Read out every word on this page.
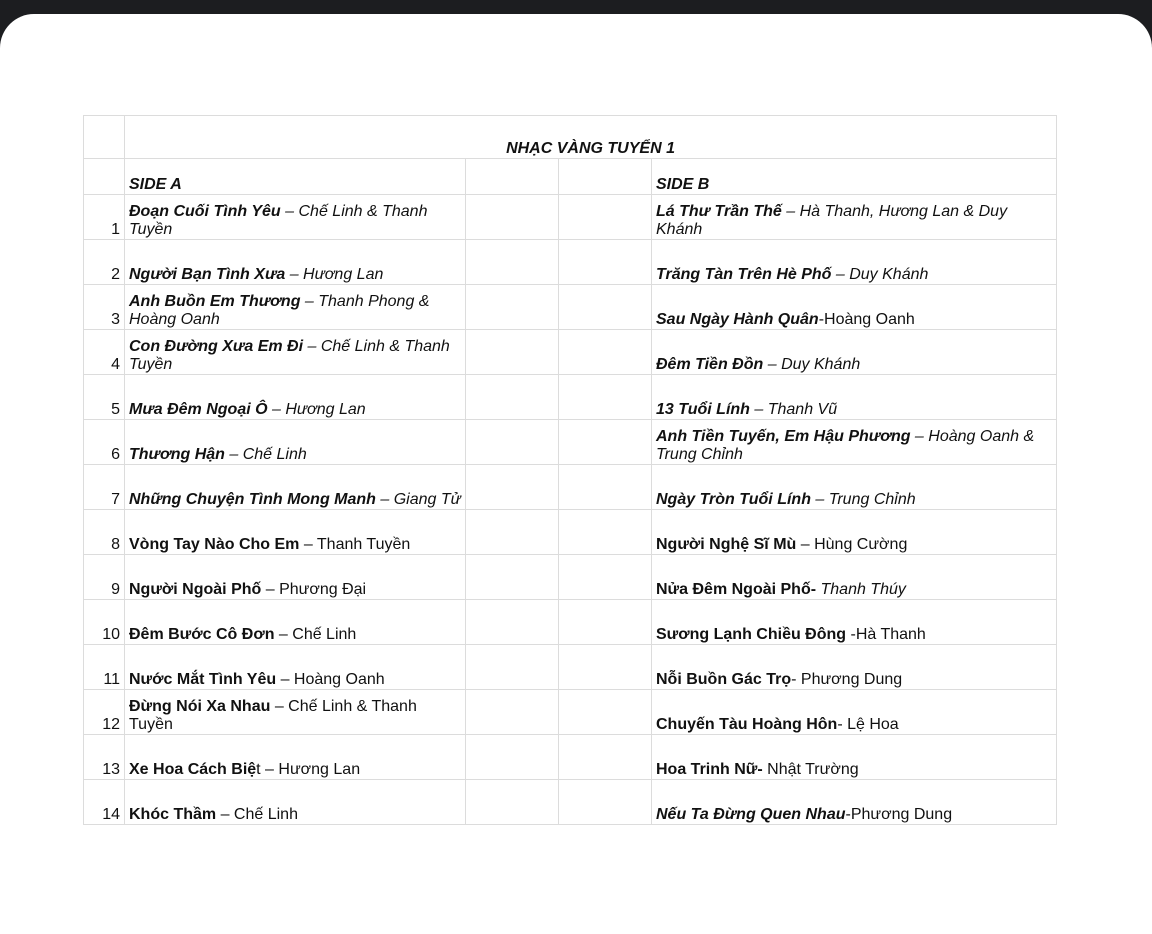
	NHẠC VÀNG TUYỂN 1			
	SIDE A			SIDE B
1	Đoạn Cuối Tình Yêu – Chế Linh & Thanh Tuyền			Lá Thư Trần Thế – Hà Thanh, Hương Lan & Duy Khánh
2	Người Bạn Tình Xưa – Hương Lan			Trăng Tàn Trên Hè Phố – Duy Khánh
3	Anh Buồn Em Thương – Thanh Phong & Hoàng Oanh			Sau Ngày Hành Quân-Hoàng Oanh
4	Con Đường Xưa Em Đi – Chế Linh & Thanh Tuyền			Đêm Tiền Đồn – Duy Khánh
5	Mưa Đêm Ngoại Ô – Hương Lan			13 Tuổi Lính – Thanh Vũ
6	Thương Hận – Chế Linh			Anh Tiền Tuyến, Em Hậu Phương – Hoàng Oanh & Trung Chỉnh
7	Những Chuyện Tình Mong Manh – Giang Tử			Ngày Tròn Tuổi Lính – Trung Chỉnh
8	Vòng Tay Nào Cho Em – Thanh Tuyền			Người Nghệ Sĩ Mù – Hùng Cường
9	Người Ngoài Phố – Phương Đại			Nửa Đêm Ngoài Phố- Thanh Thúy
10	Đêm Bước Cô Đơn – Chế Linh			Sương Lạnh Chiều Đông -Hà Thanh
11	Nước Mắt Tình Yêu – Hoàng Oanh			Nỗi Buồn Gác Trọ- Phương Dung
12	Đừng Nói Xa Nhau – Chế Linh & Thanh Tuyền			Chuyến Tàu Hoàng Hôn- Lệ Hoa
13	Xe Hoa Cách Biệt – Hương Lan			Hoa Trinh Nữ- Nhật Trường
14	Khóc Thầm – Chế Linh			Nếu Ta Đừng Quen Nhau-Phương Dung
